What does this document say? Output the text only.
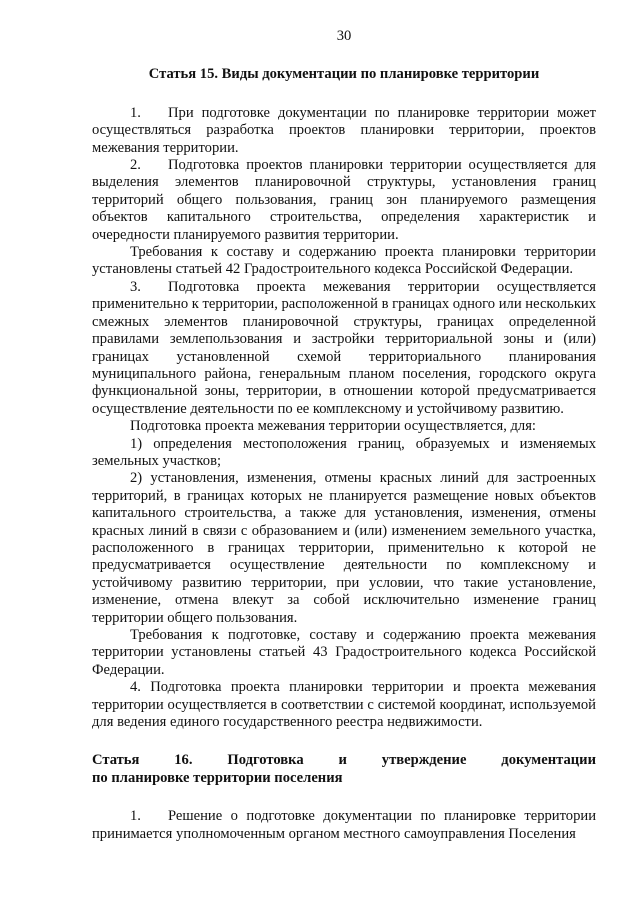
30
Статья 15. Виды документации по планировке территории

1. При подготовке документации по планировке территории может осуществляться разработка проектов планировки территории, проектов межевания территории.

2. Подготовка проектов планировки территории осуществляется для выделения элементов планировочной структуры, установления границ территорий общего пользования, границ зон планируемого размещения объектов капитального строительства, определения характеристик и очередности планируемого развития территории.

Требования к составу и содержанию проекта планировки территории установлены статьей 42 Градостроительного кодекса Российской Федерации.

3. Подготовка проекта межевания территории осуществляется применительно к территории, расположенной в границах одного или нескольких смежных элементов планировочной структуры, границах определенной правилами землепользования и застройки территориальной зоны и (или) границах установленной схемой территориального планирования муниципального района, генеральным планом поселения, городского округа функциональной зоны, территории, в отношении которой предусматривается осуществление деятельности по ее комплексному и устойчивому развитию.

Подготовка проекта межевания территории осуществляется, для:

1) определения местоположения границ, образуемых и изменяемых земельных участков;

2) установления, изменения, отмены красных линий для застроенных территорий, в границах которых не планируется размещение новых объектов капитального строительства, а также для установления, изменения, отмены красных линий в связи с образованием и (или) изменением земельного участка, расположенного в границах территории, применительно к которой не предусматривается осуществление деятельности по комплексному и устойчивому развитию территории, при условии, что такие установление, изменение, отмена влекут за собой исключительно изменение границ территории общего пользования.

Требования к подготовке, составу и содержанию проекта межевания территории установлены статьей 43 Градостроительного кодекса Российской Федерации.

4. Подготовка проекта планировки территории и проекта межевания территории осуществляется в соответствии с системой координат, используемой для ведения единого государственного реестра недвижимости.

Статья 16. Подготовка и утверждение документации
по планировке территории поселения

1. Решение о подготовке документации по планировке территории принимается уполномоченным органом местного самоуправления Поселения
